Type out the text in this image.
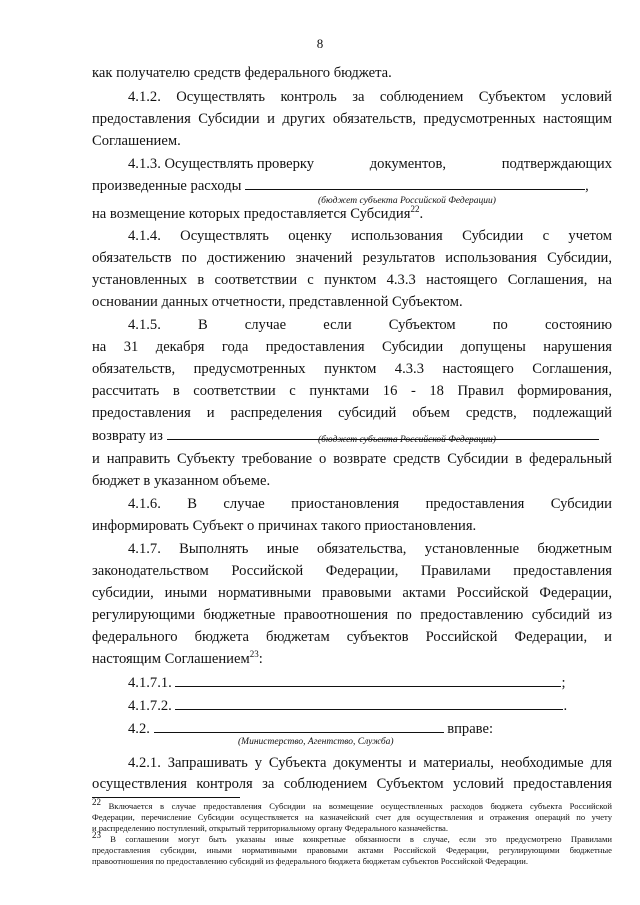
8
как получателю средств федерального бюджета.
4.1.2. Осуществлять контроль за соблюдением Субъектом условий
предоставления Субсидии и других обязательств, предусмотренных настоящим
Соглашением.
4.1.3. Осуществлять проверку	документов,	подтверждающих
произведенные расходы	,
(бюджет субъекта Российской Федерации)
на возмещение которых предоставляется Субсидия$^{22}$.
4.1.4. Осуществлять оценку использования Субсидии с учетом
обязательств по достижению значений результатов использования Субсидии,
установленных в соответствии с пунктом 4.3.3 настоящего Соглашения, на
основании данных отчетности, представленной Субъектом.
4.1.5. В случае если Субъектом по состоянию
на 31 декабря года предоставления Субсидии допущены нарушения
обязательств, предусмотренных пунктом 4.3.3 настоящего Соглашения,
рассчитать в соответствии с пунктами 16 - 18 Правил формирования,
предоставления и распределения субсидий объем средств, подлежащий
возврату из	(бюджет субъекта Российской Федерации)
и направить Субъекту требование о возврате средств Субсидии в федеральный
бюджет в указанном объеме.
4.1.6. В случае приостановления предоставления Субсидии
информировать Субъект о причинах такого приостановления.
4.1.7. Выполнять иные обязательства, установленные бюджетным
законодательством Российской Федерации, Правилами предоставления
субсидии, иными нормативными правовыми актами Российской Федерации,
регулирующими бюджетные правоотношения по предоставлению субсидий из
федерального бюджета бюджетам субъектов Российской Федерации, и
настоящим Соглашением$^{23}$:
4.1.7.1.	;
4.1.7.2.	.
4.2.	вправе:
(Министерство, Агентство, Служба)
4.2.1. Запрашивать у Субъекта документы и материалы, необходимые для
осуществления контроля за соблюдением Субъектом условий предоставления
$^{22}$ Включается в случае предоставления Субсидии на возмещение осуществленных расходов бюджета субъекта Российской
Федерации, перечисление Субсидии осуществляется на казначейский счет для осуществления и отражения операций по учету
и распределению поступлений, открытый территориальному органу Федерального казначейства.
$^{23}$ В соглашении могут быть указаны иные конкретные обязанности в случае, если это предусмотрено Правилами
предоставления субсидии, иными нормативными правовыми актами Российской Федерации, регулирующими бюджетные
правоотношения по предоставлению субсидий из федерального бюджета бюджетам субъектов Российской Федерации.
